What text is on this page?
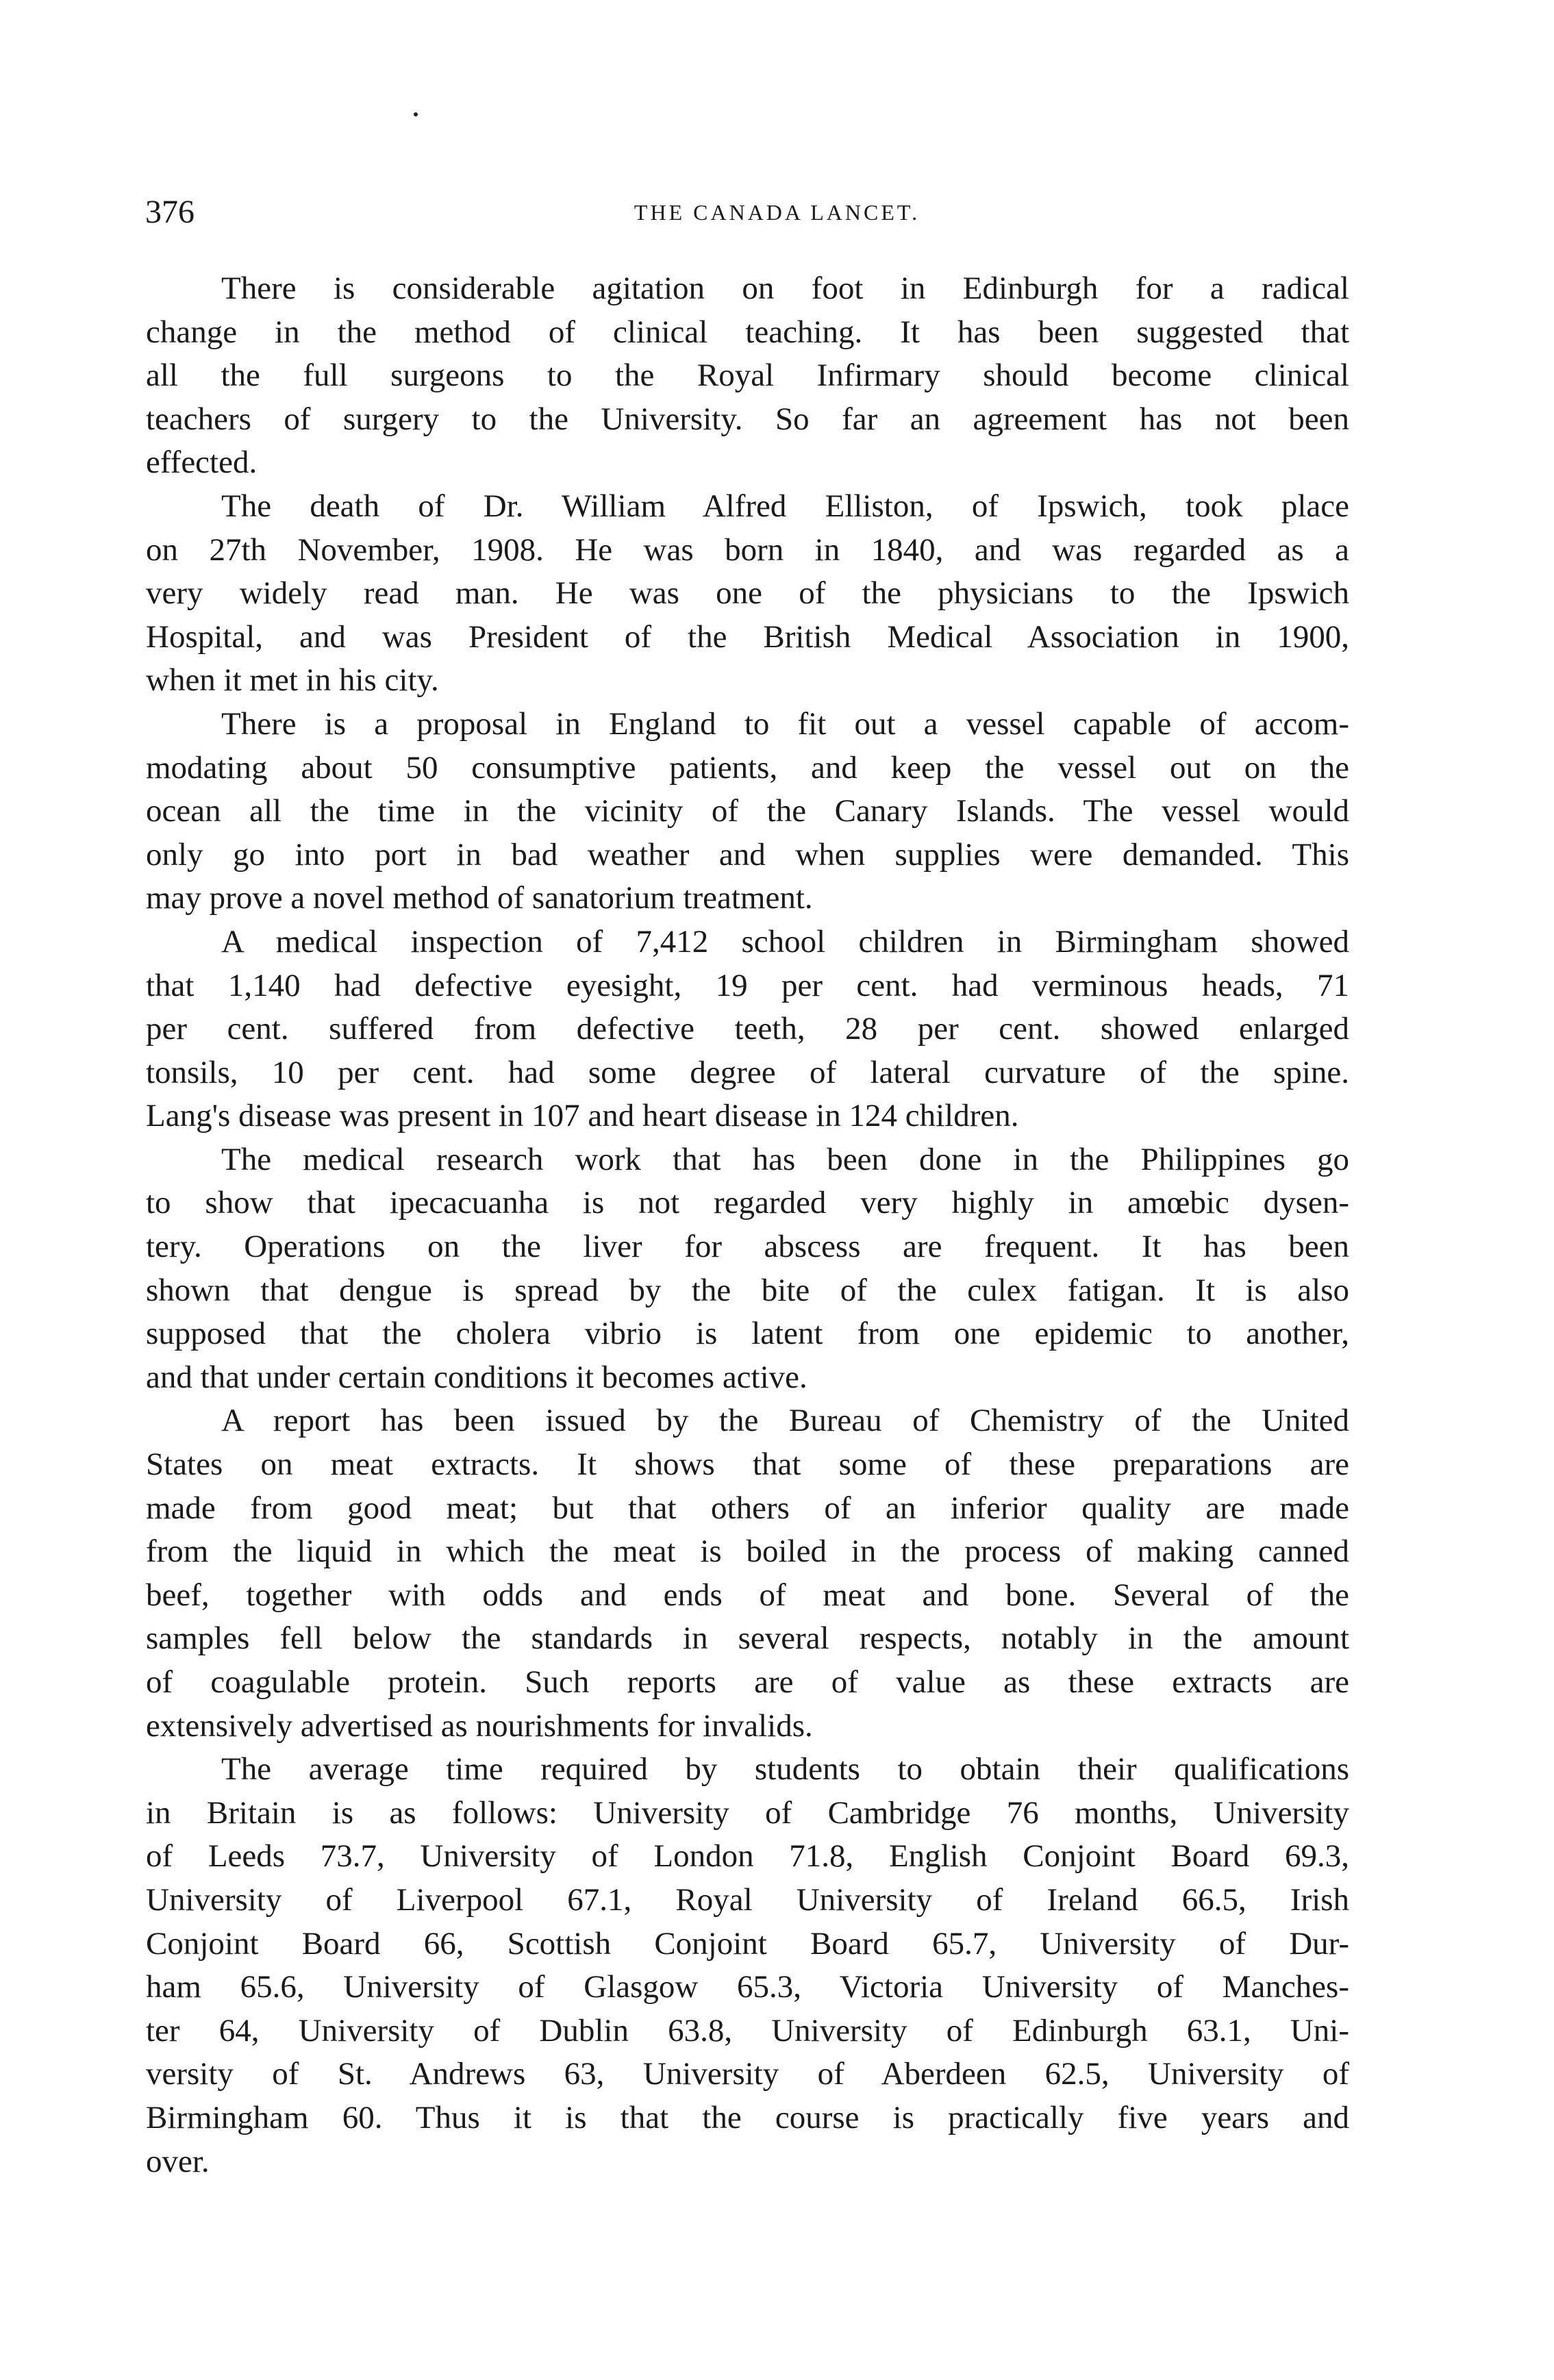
376	THE CANADA LANCET.
There is considerable agitation on foot in Edinburgh for a radical
change in the method of clinical teaching. It has been suggested that
all the full surgeons to the Royal Infirmary should become clinical
teachers of surgery to the University. So far an agreement has not been
effected.
The death of Dr. William Alfred Elliston, of Ipswich, took place
on 27th November, 1908. He was born in 1840, and was regarded as a
very widely read man. He was one of the physicians to the Ipswich
Hospital, and was President of the British Medical Association in 1900,
when it met in his city.
There is a proposal in England to fit out a vessel capable of accom-
modating about 50 consumptive patients, and keep the vessel out on the
ocean all the time in the vicinity of the Canary Islands. The vessel would
only go into port in bad weather and when supplies were demanded. This
may prove a novel method of sanatorium treatment.
A medical inspection of 7,412 school children in Birmingham showed
that 1,140 had defective eyesight, 19 per cent. had verminous heads, 71
per cent. suffered from defective teeth, 28 per cent. showed enlarged
tonsils, 10 per cent. had some degree of lateral curvature of the spine.
Lang's disease was present in 107 and heart disease in 124 children.
The medical research work that has been done in the Philippines go
to show that ipecacuanha is not regarded very highly in amœbic dysen-
tery. Operations on the liver for abscess are frequent. It has been
shown that dengue is spread by the bite of the culex fatigan. It is also
supposed that the cholera vibrio is latent from one epidemic to another,
and that under certain conditions it becomes active.
A report has been issued by the Bureau of Chemistry of the United
States on meat extracts. It shows that some of these preparations are
made from good meat; but that others of an inferior quality are made
from the liquid in which the meat is boiled in the process of making canned
beef, together with odds and ends of meat and bone. Several of the
samples fell below the standards in several respects, notably in the amount
of coagulable protein. Such reports are of value as these extracts are
extensively advertised as nourishments for invalids.
The average time required by students to obtain their qualifications
in Britain is as follows: University of Cambridge 76 months, University
of Leeds 73.7, University of London 71.8, English Conjoint Board 69.3,
University of Liverpool 67.1, Royal University of Ireland 66.5, Irish
Conjoint Board 66, Scottish Conjoint Board 65.7, University of Dur-
ham 65.6, University of Glasgow 65.3, Victoria University of Manches-
ter 64, University of Dublin 63.8, University of Edinburgh 63.1, Uni-
versity of St. Andrews 63, University of Aberdeen 62.5, University of
Birmingham 60. Thus it is that the course is practically five years and
over.
